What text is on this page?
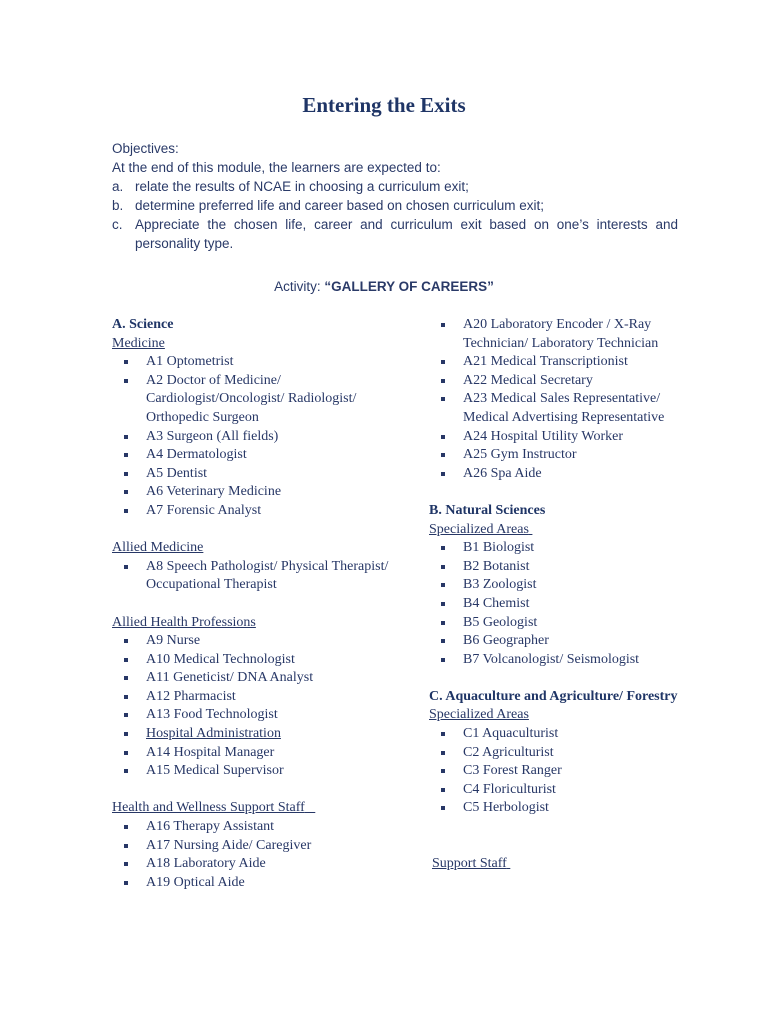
Entering the Exits
Objectives:
At the end of this module, the learners are expected to:
a. relate the results of NCAE in choosing a curriculum exit;
b. determine preferred life and career based on chosen curriculum exit;
c. Appreciate the chosen life, career and curriculum exit based on one’s interests and personality type.
Activity: “GALLERY OF CAREERS”
A. Science
Medicine
A1 Optometrist
A2 Doctor of Medicine/ Cardiologist/Oncologist/ Radiologist/ Orthopedic Surgeon
A3 Surgeon (All fields)
A4 Dermatologist
A5 Dentist
A6 Veterinary Medicine
A7 Forensic Analyst
Allied Medicine
A8 Speech Pathologist/ Physical Therapist/ Occupational Therapist
Allied Health Professions
A9 Nurse
A10 Medical Technologist
A11 Geneticist/ DNA Analyst
A12 Pharmacist
A13 Food Technologist
Hospital Administration
A14 Hospital Manager
A15 Medical Supervisor
Health and Wellness Support Staff
A16 Therapy Assistant
A17 Nursing Aide/ Caregiver
A18 Laboratory Aide
A19 Optical Aide
A20 Laboratory Encoder / X-Ray Technician/ Laboratory Technician
A21 Medical Transcriptionist
A22 Medical Secretary
A23 Medical Sales Representative/ Medical Advertising Representative
A24 Hospital Utility Worker
A25 Gym Instructor
A26 Spa Aide
B. Natural Sciences
Specialized Areas
B1 Biologist
B2 Botanist
B3 Zoologist
B4 Chemist
B5 Geologist
B6 Geographer
B7 Volcanologist/ Seismologist
C. Aquaculture and Agriculture/ Forestry
Specialized Areas
C1 Aquaculturist
C2 Agriculturist
C3 Forest Ranger
C4 Floriculturist
C5 Herbologist
Support Staff
